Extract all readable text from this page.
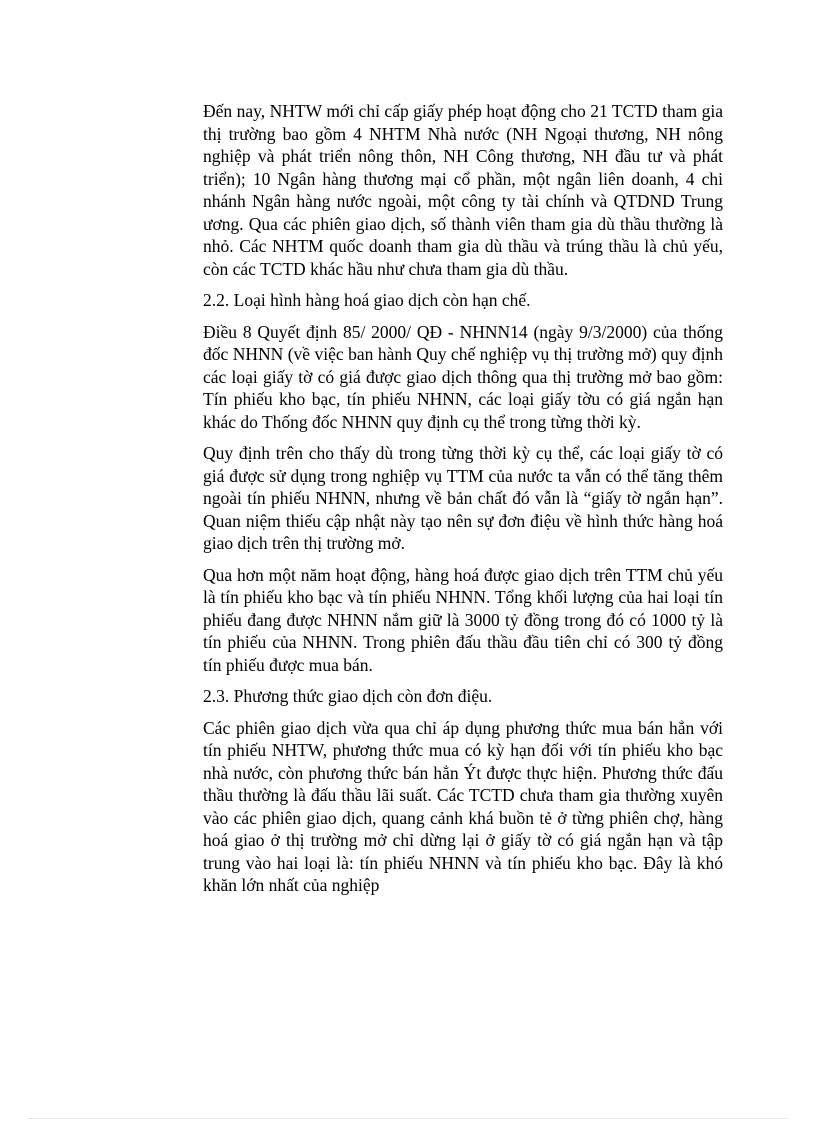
Đến nay, NHTW mới chỉ cấp giấy phép hoạt động cho 21 TCTD tham gia thị trường bao gồm 4 NHTM Nhà nước (NH Ngoại thương, NH nông nghiệp và phát triển nông thôn, NH Công thương, NH đầu tư và phát triển); 10 Ngân hàng thương mại cổ phần, một ngân liên doanh, 4 chi nhánh Ngân hàng nước ngoài, một công ty tài chính và QTDND Trung ương. Qua các phiên giao dịch, số thành viên tham gia dù thầu thường là nhỏ. Các NHTM quốc doanh tham gia dù thầu và trúng thầu là chủ yếu, còn các TCTD khác hầu như chưa tham gia dù thầu.

2.2. Loại hình hàng hoá giao dịch còn hạn chế.

Điều 8 Quyết định 85/ 2000/ QĐ - NHNN14 (ngày 9/3/2000) của thống đốc NHNN (về việc ban hành Quy chế nghiệp vụ thị trường mở) quy định các loại giấy tờ có giá được giao dịch thông qua thị trường mở bao gồm: Tín phiếu kho bạc, tín phiếu NHNN, các loại giấy tờu có giá ngắn hạn khác do Thống đốc NHNN quy định cụ thể trong từng thời kỳ.

Quy định trên cho thấy dù trong từng thời kỳ cụ thể, các loại giấy tờ có giá được sử dụng trong nghiệp vụ TTM của nước ta vẫn có thể tăng thêm ngoài tín phiếu NHNN, nhưng về bản chất đó vẫn là “giấy tờ ngắn hạn”. Quan niệm thiếu cập nhật này tạo nên sự đơn điệu về hình thức hàng hoá giao dịch trên thị trường mở.

Qua hơn một năm hoạt động, hàng hoá được giao dịch trên TTM chủ yếu là tín phiếu kho bạc và tín phiếu NHNN. Tổng khối lượng của hai loại tín phiếu đang được NHNN nắm giữ là 3000 tỷ đồng trong đó có 1000 tỷ là tín phiếu của NHNN. Trong phiên đấu thầu đầu tiên chỉ có 300 tỷ đồng tín phiếu được mua bán.

2.3. Phương thức giao dịch còn đơn điệu.

Các phiên giao dịch vừa qua chỉ áp dụng phương thức mua bán hẳn với tín phiếu NHTW, phương thức mua có kỳ hạn đối với tín phiếu kho bạc nhà nước, còn phương thức bán hẳn Ýt được thực hiện. Phương thức đấu thầu thường là đấu thầu lãi suất. Các TCTD chưa tham gia thường xuyên vào các phiên giao dịch, quang cảnh khá buồn tẻ ở từng phiên chợ, hàng hoá giao ở thị trường mở chỉ dừng lại ở giấy tờ có giá ngắn hạn và tập trung vào hai loại là: tín phiếu NHNN và tín phiếu kho bạc. Đây là khó khăn lớn nhất của nghiệp
